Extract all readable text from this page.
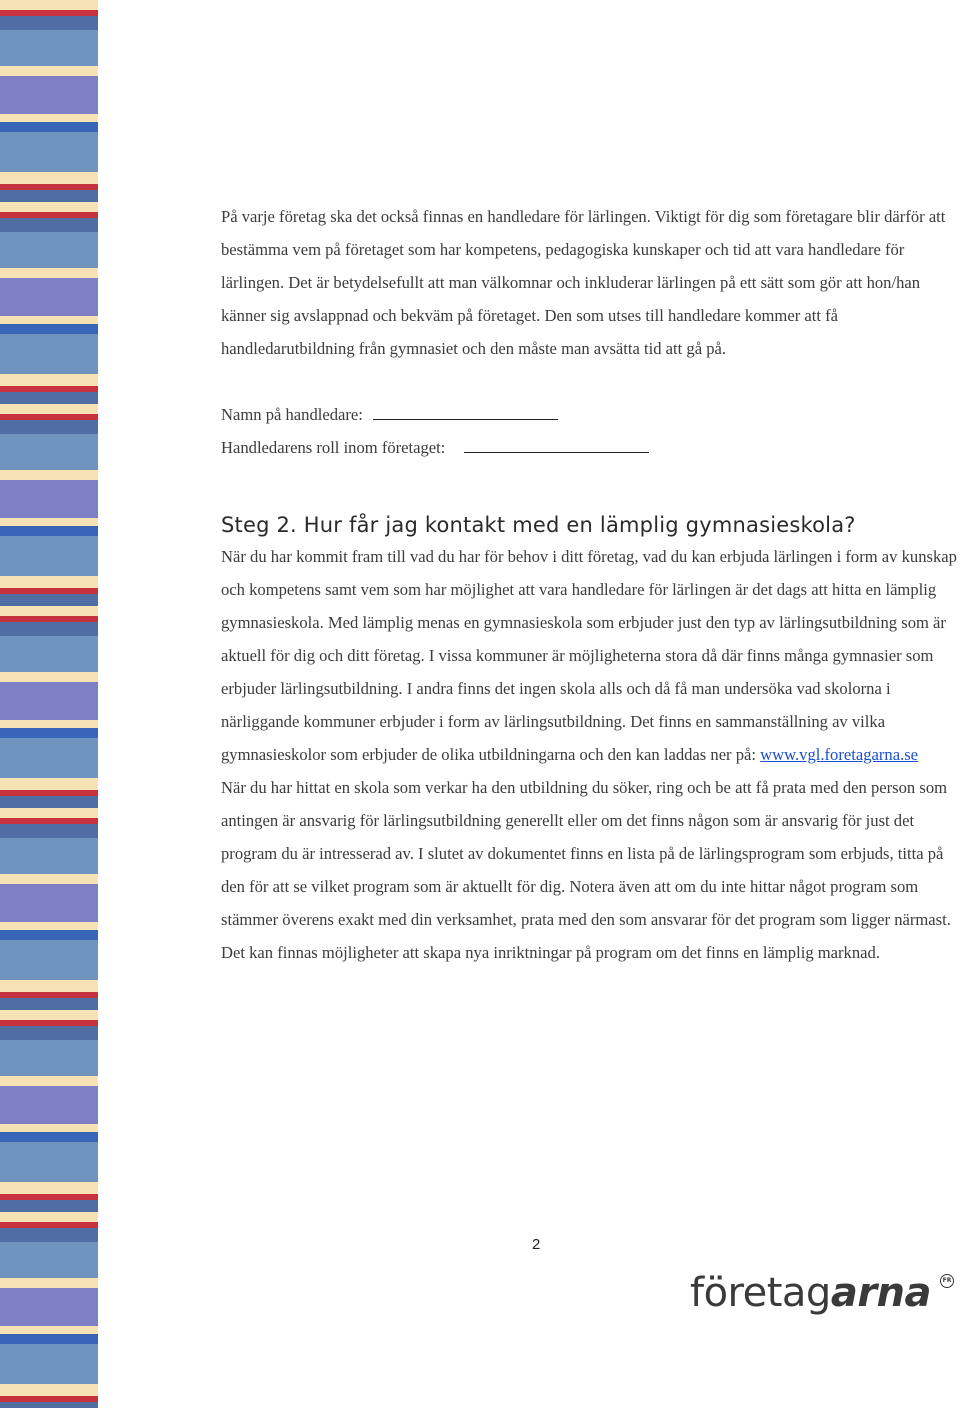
På varje företag ska det också finnas en handledare för lärlingen. Viktigt för dig som företagare blir därför att bestämma vem på företaget som har kompetens, pedagogiska kunskaper och tid att vara handledare för lärlingen. Det är betydelsefullt att man välkomnar och inkluderar lärlingen på ett sätt som gör att hon/han känner sig avslappnad och bekväm på företaget. Den som utses till handledare kommer att få handledarutbildning från gymnasiet och den måste man avsätta tid att gå på.

Namn på handledare:
Handledarens roll inom företaget:
Steg 2. Hur får jag kontakt med en lämplig gymnasieskola?

När du har kommit fram till vad du har för behov i ditt företag, vad du kan erbjuda lärlingen i form av kunskap och kompetens samt vem som har möjlighet att vara handledare för lärlingen är det dags att hitta en lämplig gymnasieskola. Med lämplig menas en gymnasieskola som erbjuder just den typ av lärlingsutbildning som är aktuell för dig och ditt företag. I vissa kommuner är möjligheterna stora då där finns många gymnasier som erbjuder lärlingsutbildning. I andra finns det ingen skola alls och då få man undersöka vad skolorna i närliggande kommuner erbjuder i form av lärlingsutbildning. Det finns en sammanställning av vilka gymnasieskolor som erbjuder de olika utbildningarna och den kan laddas ner på: www.vgl.foretagarna.se

När du har hittat en skola som verkar ha den utbildning du söker, ring och be att få prata med den person som antingen är ansvarig för lärlingsutbildning generellt eller om det finns någon som är ansvarig för just det program du är intresserad av. I slutet av dokumentet finns en lista på de lärlingsprogram som erbjuds, titta på den för att se vilket program som är aktuellt för dig. Notera även att om du inte hittar något program som stämmer överens exakt med din verksamhet, prata med den som ansvarar för det program som ligger närmast. Det kan finnas möjligheter att skapa nya inriktningar på program om det finns en lämplig marknad.

2
företagarna	FR
